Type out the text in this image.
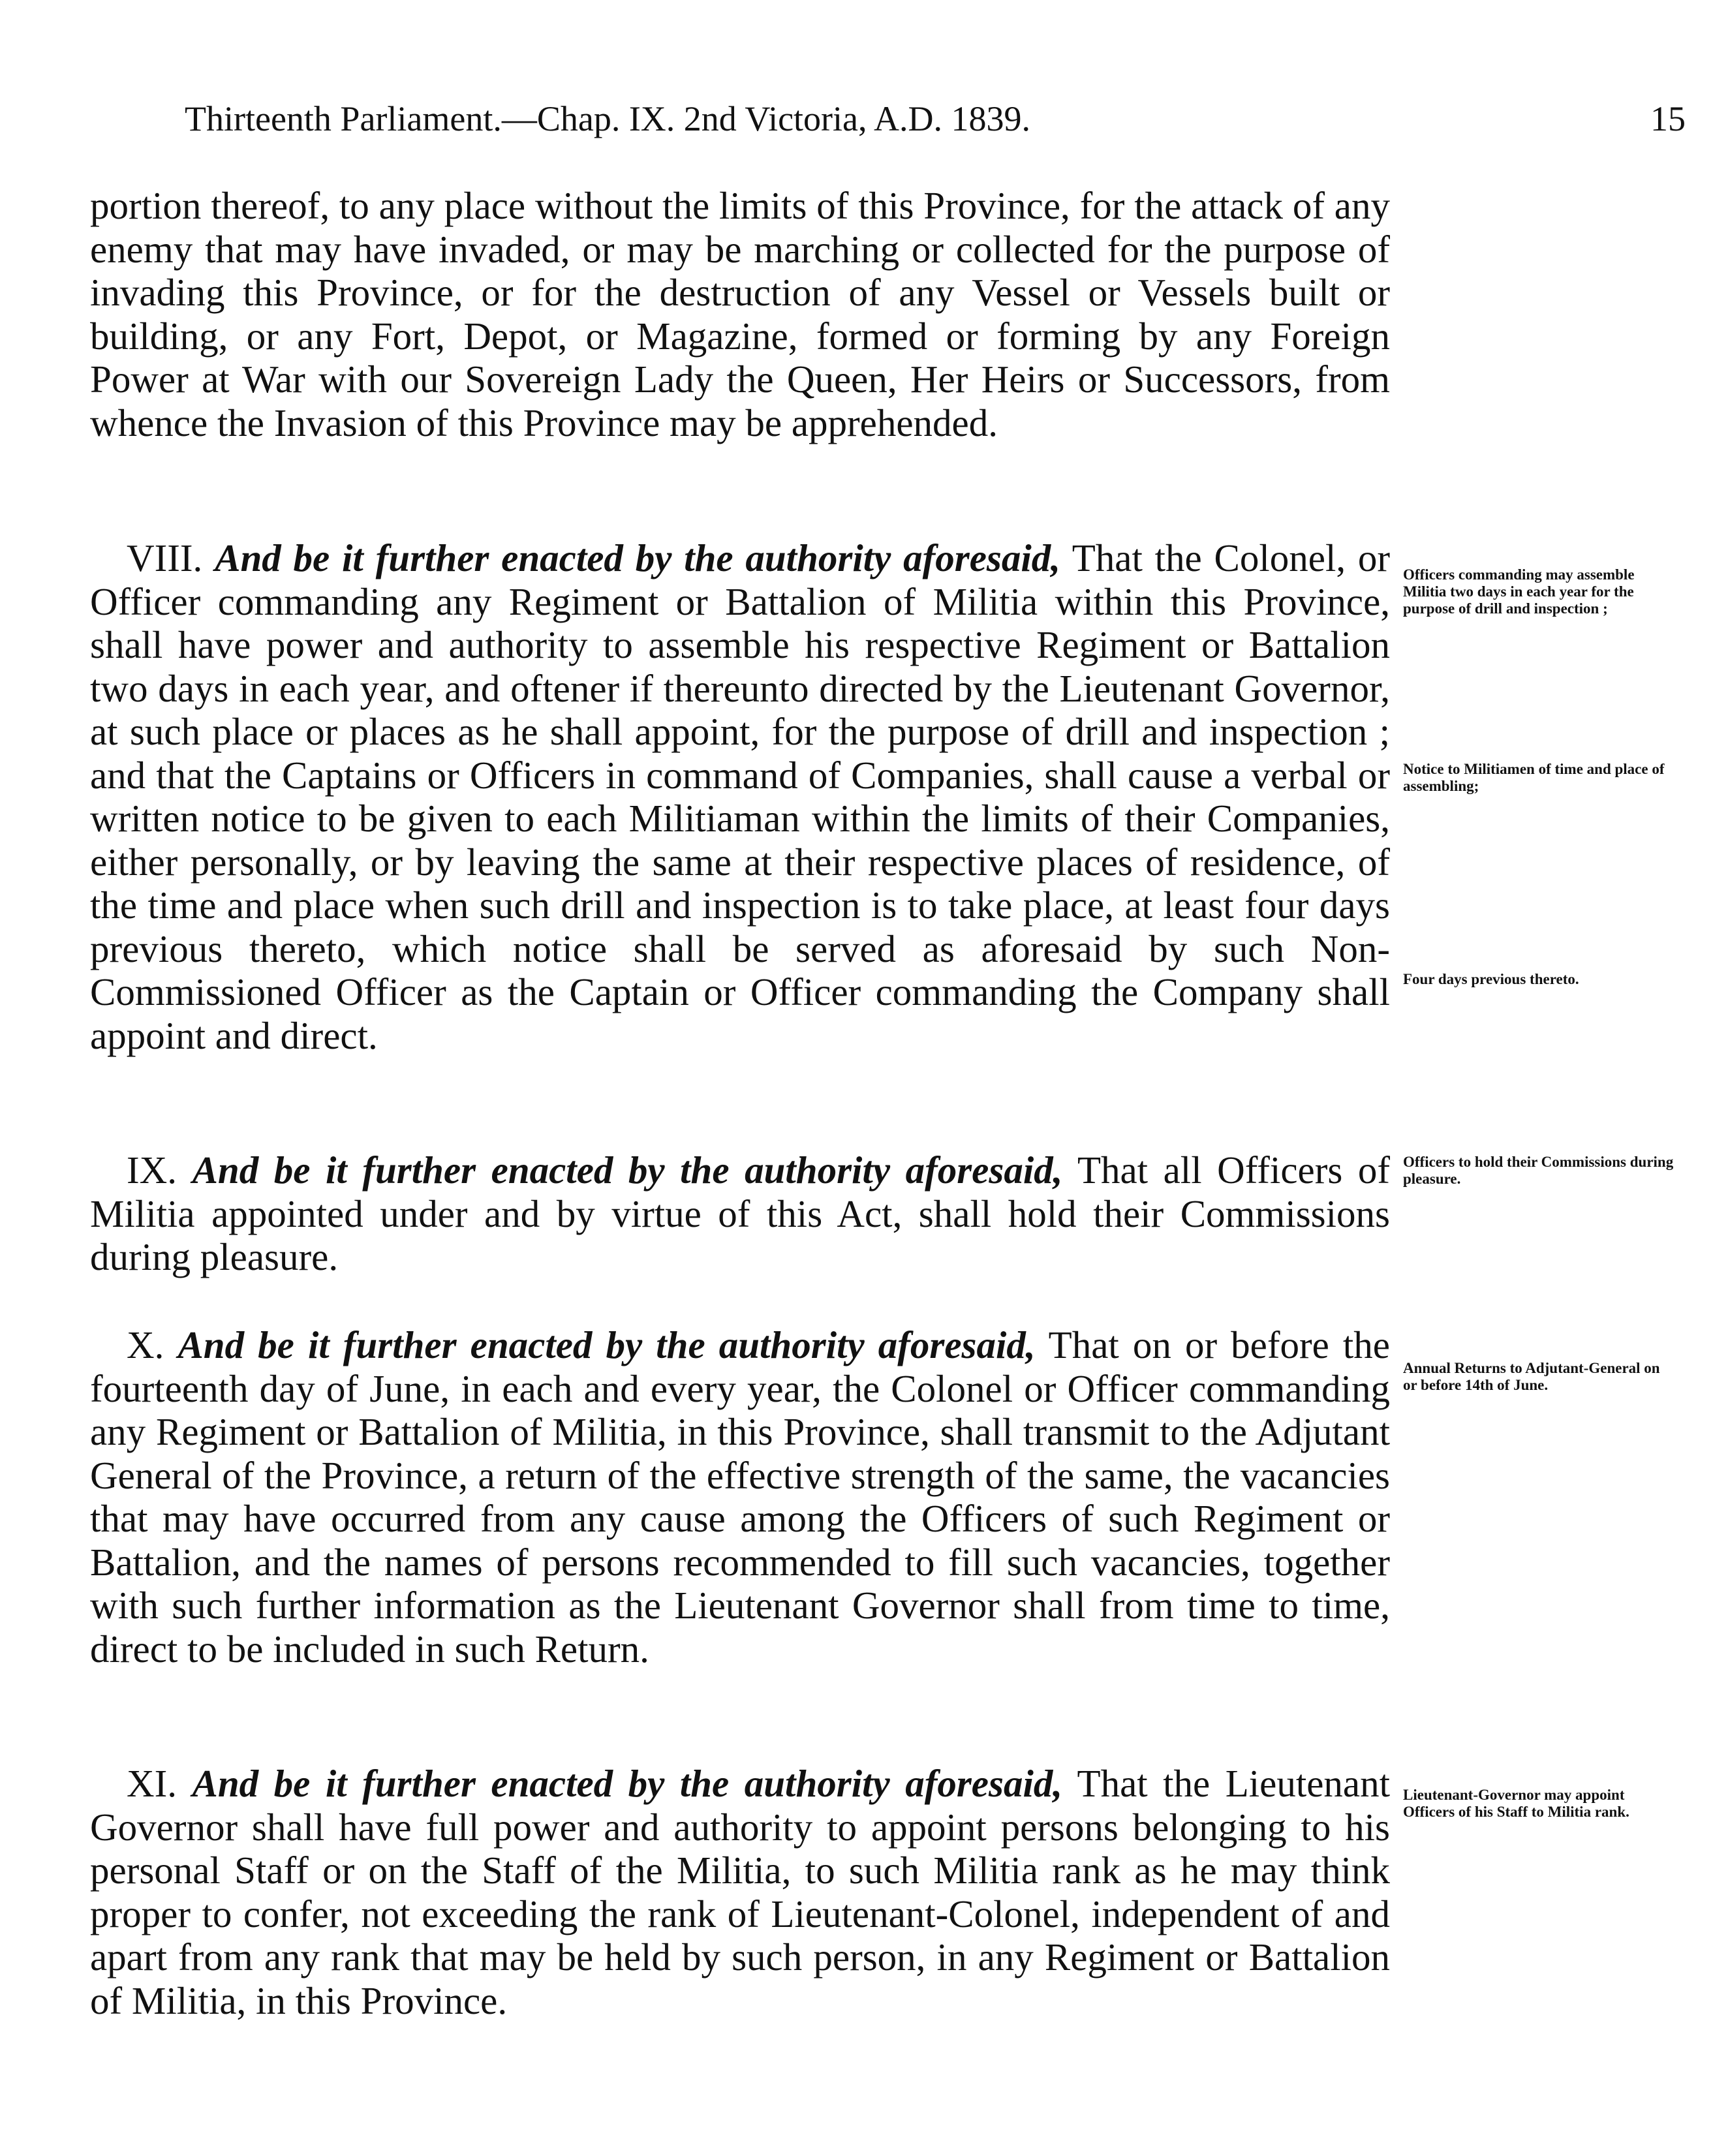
Thirteenth Parliament.—Chap. IX. 2nd Victoria, A.D. 1839.	15

portion thereof, to any place without the limits of this Province, for the attack of any enemy that may have invaded, or may be marching or collected for the purpose of invading this Province, or for the destruction of any Vessel or Vessels built or building, or any Fort, Depot, or Magazine, formed or forming by any Foreign Power at War with our Sovereign Lady the Queen, Her Heirs or Successors, from whence the Invasion of this Province may be apprehended.

VIII. And be it further enacted by the authority aforesaid, That the Colonel, or Officer commanding any Regiment or Battalion of Militia within this Province, shall have power and authority to assemble his respective Regiment or Battalion two days in each year, and oftener if thereunto directed by the Lieutenant Governor, at such place or places as he shall appoint, for the purpose of drill and inspection ; and that the Captains or Officers in command of Companies, shall cause a verbal or written notice to be given to each Militiaman within the limits of their Companies, either personally, or by leaving the same at their respective places of residence, of the time and place when such drill and inspection is to take place, at least four days previous thereto, which notice shall be served as aforesaid by such Non-Commissioned Officer as the Captain or Officer commanding the Company shall appoint and direct.

IX. And be it further enacted by the authority aforesaid, That all Officers of Militia appointed under and by virtue of this Act, shall hold their Commissions during pleasure.

X. And be it further enacted by the authority aforesaid, That on or before the fourteenth day of June, in each and every year, the Colonel or Officer commanding any Regiment or Battalion of Militia, in this Province, shall transmit to the Adjutant General of the Province, a return of the effective strength of the same, the vacancies that may have occurred from any cause among the Officers of such Regiment or Battalion, and the names of persons recommended to fill such vacancies, together with such further information as the Lieutenant Governor shall from time to time, direct to be included in such Return.

XI. And be it further enacted by the authority aforesaid, That the Lieutenant Governor shall have full power and authority to appoint persons belonging to his personal Staff or on the Staff of the Militia, to such Militia rank as he may think proper to confer, not exceeding the rank of Lieutenant-Colonel, independent of and apart from any rank that may be held by such person, in any Regiment or Battalion of Militia, in this Province.

Officers commanding may assemble Militia two days in each year for the purpose of drill and inspection ;
Notice to Militiamen of time and place of assembling;
Four days previous thereto.
Officers to hold their Commissions during pleasure.
Annual Returns to Adjutant-General on or before 14th of June.
Lieutenant-Governor may appoint Officers of his Staff to Militia rank.
